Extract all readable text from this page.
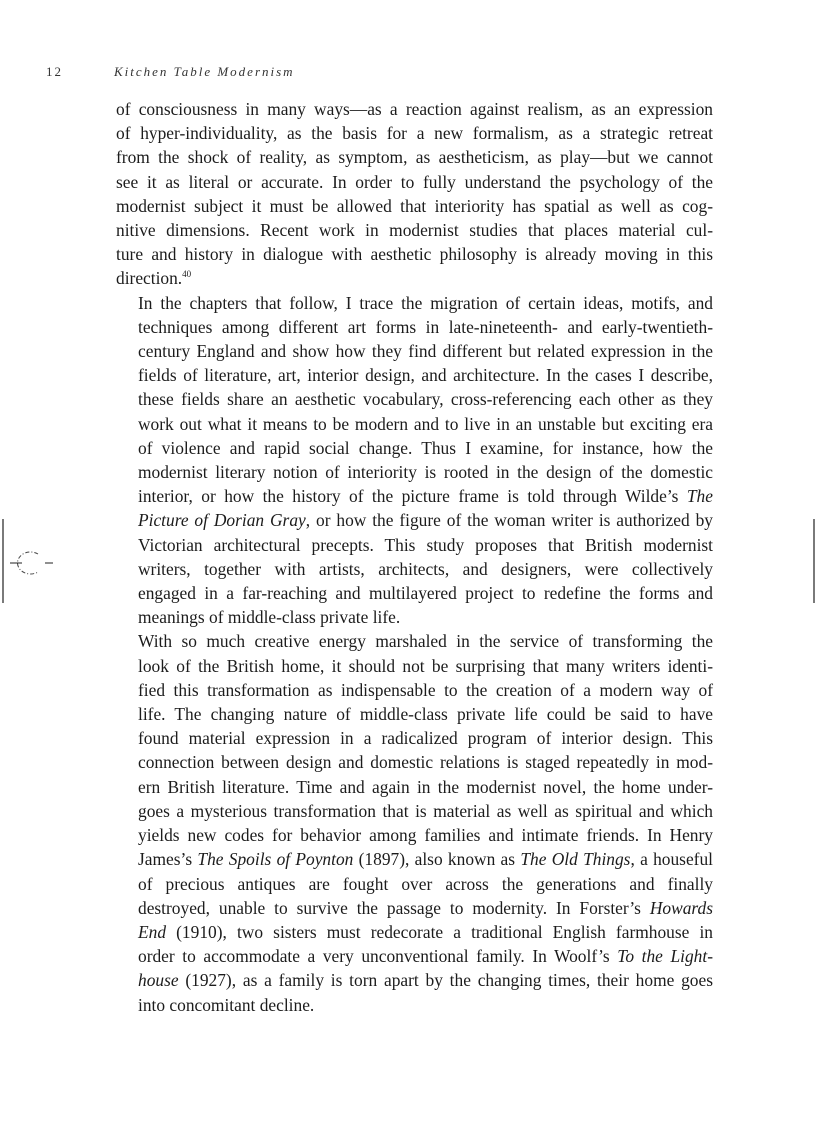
12	Kitchen Table Modernism

of consciousness in many ways—as a reaction against realism, as an expression
of hyper-individuality, as the basis for a new formalism, as a strategic retreat
from the shock of reality, as symptom, as aestheticism, as play—but we cannot
see it as literal or accurate. In order to fully understand the psychology of the
modernist subject it must be allowed that interiority has spatial as well as cog-
nitive dimensions. Recent work in modernist studies that places material cul-
ture and history in dialogue with aesthetic philosophy is already moving in this
direction.$^{40}$

In the chapters that follow, I trace the migration of certain ideas, motifs, and
techniques among different art forms in late-nineteenth- and early-twentieth-
century England and show how they find different but related expression in the
fields of literature, art, interior design, and architecture. In the cases I describe,
these fields share an aesthetic vocabulary, cross-referencing each other as they
work out what it means to be modern and to live in an unstable but exciting era
of violence and rapid social change. Thus I examine, for instance, how the
modernist literary notion of interiority is rooted in the design of the domestic
interior, or how the history of the picture frame is told through Wilde’s The
Picture of Dorian Gray, or how the figure of the woman writer is authorized by
Victorian architectural precepts. This study proposes that British modernist
writers, together with artists, architects, and designers, were collectively
engaged in a far-reaching and multilayered project to redefine the forms and
meanings of middle-class private life.

With so much creative energy marshaled in the service of transforming the
look of the British home, it should not be surprising that many writers identi-
fied this transformation as indispensable to the creation of a modern way of
life. The changing nature of middle-class private life could be said to have
found material expression in a radicalized program of interior design. This
connection between design and domestic relations is staged repeatedly in mod-
ern British literature. Time and again in the modernist novel, the home under-
goes a mysterious transformation that is material as well as spiritual and which
yields new codes for behavior among families and intimate friends. In Henry
James’s The Spoils of Poynton (1897), also known as The Old Things, a houseful
of precious antiques are fought over across the generations and finally
destroyed, unable to survive the passage to modernity. In Forster’s Howards
End (1910), two sisters must redecorate a traditional English farmhouse in
order to accommodate a very unconventional family. In Woolf’s To the Light-
house (1927), as a family is torn apart by the changing times, their home goes
into concomitant decline.
